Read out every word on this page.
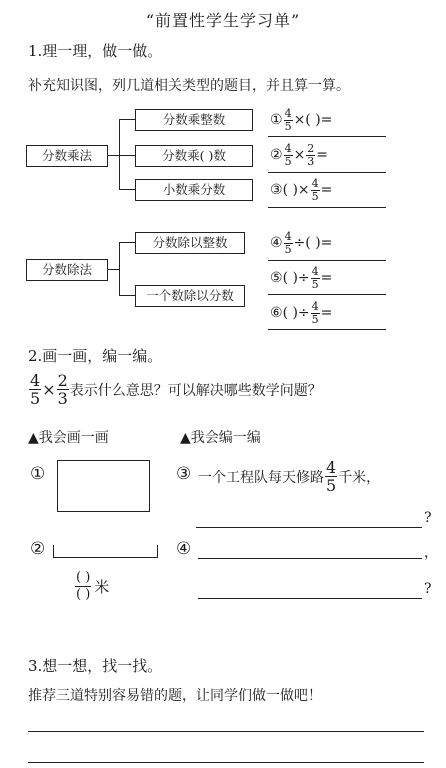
“前置性学生学习单”
1.理一理，做一做。
补充知识图，列几道相关类型的题目，并且算一算。
分数乘法
分数乘整数
分数乘( )数
小数乘分数
① $\frac{4}{5}$ ×( )=
② $\frac{4}{5} \times \frac{2}{3}$ =
③ ( )× $\frac{4}{5}$ =
分数除法
分数除以整数
一个数除以分数
④ $\frac{4}{5}$ ÷( )=
⑤ ( )÷ $\frac{4}{5}$ =
⑥ ( )÷ $\frac{4}{5}$ =
2.画一画，编一编。
$\frac{4}{5} \times \frac{2}{3}$ 表示什么意思？可以解决哪些数学问题？
▲我会画一画	▲我会编一编
①	③ 一个工程队每天修路 $\frac{4}{5}$ 千米，
?
②	④	，
( )
( ) 米	?
3.想一想，找一找。
推荐三道特别容易错的题，让同学们做一做吧！
